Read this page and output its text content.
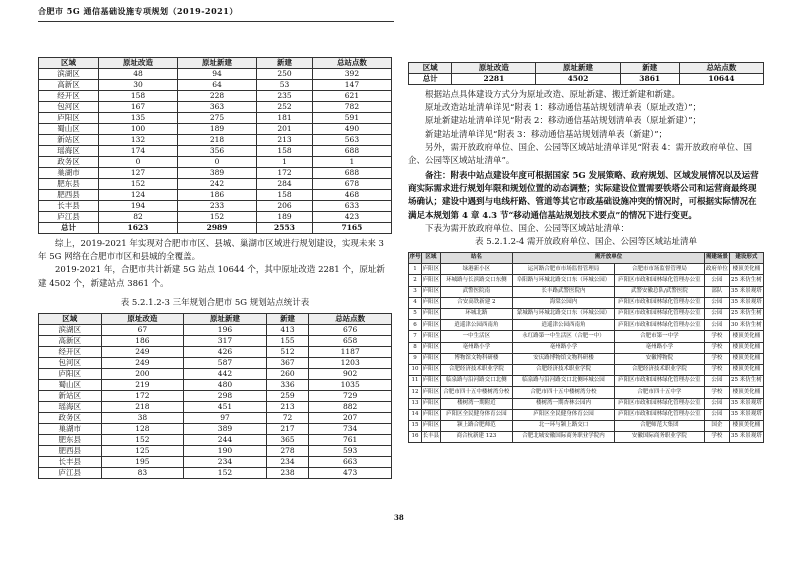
合肥市 5G 通信基础设施专项规划（2019-2021）
区域	原址改造	原址新建	新建	总站点数
滨湖区	48	94	250	392
高新区	30	64	53	147
经开区	158	228	235	621
包河区	167	363	252	782
庐阳区	135	275	181	591
蜀山区	100	189	201	490
新站区	132	218	213	563
瑶海区	174	356	158	688
政务区	0	0	1	1
巢湖市	127	389	172	688
肥东县	152	242	284	678
肥西县	124	186	158	468
长丰县	194	233	206	633
庐江县	82	152	189	423
总计	1623	2989	2553	7165

综上，2019-2021 年实现对合肥市市区、县城、巢湖市区域进行规划建设，实现未来 3 年 5G 网络在合肥市市区和县城的全覆盖。

2019-2021 年，合肥市共计新建 5G 站点 10644 个，其中原址改造 2281 个，原址新建 4502 个，新建站点 3861 个。

表 5.2.1.2-3 三年规划合肥市 5G 规划站点统计表

区域	原址改造	原址新建	新建	总站点数
滨湖区	67	196	413	676
高新区	186	317	155	658
经开区	249	426	512	1187
包河区	249	587	367	1203
庐阳区	200	442	260	902
蜀山区	219	480	336	1035
新站区	172	298	259	729
瑶海区	218	451	213	882
政务区	38	97	72	207
巢湖市	128	389	217	734
肥东县	152	244	365	761
肥西县	125	190	278	593
长丰县	195	234	234	663
庐江县	83	152	238	473
区域	原址改造	原址新建	新建	总站点数
总计	2281	4502	3861	10644

根据站点具体建设方式分为原址改造、原址新建、搬迁新建和新建。

原址改造站址清单详见“附表 1：移动通信基站规划清单表（原址改造）”；

原址新建站址清单详见“附表 2：移动通信基站规划清单表（原址新建）”；

新建站址清单详见“附表 3：移动通信基站规划清单表（新建）”；

另外，需开放政府单位、国企、公园等区域站址清单详见“附表 4：需开放政府单位、国企、公园等区域站址清单”。

备注：附表中站点建设年度可根据国家 5G 发展策略、政府规划、区域发展情况以及运营商实际需求进行规划年限和规划位置的动态调整；实际建设位置需要铁塔公司和运营商最终现场确认；建设中遇到与电线杆路、管道等其它市政基础设施冲突的情况时，可根据实际情况在满足本规划第 4 章 4.3 节“移动通信基站规划技术要点”的情况下进行变更。

下表为需开放政府单位、国企、公园等区域站址清单：

表 5.2.1.2-4 需开放政府单位、国企、公园等区域站址清单

序号	区域	站名	需开放单位		需建场景	建设形式
1	庐阳区	绿港新小区	运河路合肥市市场监督管理局	合肥市市场监督管理局	政府单位	楼顶美化桶
2	庐阳区	环城路与长滨路交口东侧	阜阳路与环城北路交口东（环城公园）	庐阳区市政和园林绿化管理办公室	公园	25 米仿生树
3	庐阳区	武警医院南	长丰路武警医院内	武警安徽总队/武警医院	部队	35 米景观塔
4	庐阳区	合安高铁新建 2	海棠公园内	庐阳区市政和园林绿化管理办公室	公园	35 米景观塔
5	庐阳区	环城北路	蒙城路与环城北路交口东（环城公园）	庐阳区市政和园林绿化管理办公室	公园	25 米仿生树
6	庐阳区	逍遥津公园西南角	逍遥津公园西南角	庐阳区市政和园林绿化管理办公室	公园	30 米仿生树
7	庐阳区	一中生活区	永红路第一中生活区（合肥一中）	合肥市第一中学	学校	楼顶美化桶
8	庐阳区	亳州路小学	亳州路小学	亳州路小学	学校	楼顶美化桶
9	庐阳区	博物馆文物科研楼	安庆路博物馆文物科研楼	安徽博物院	学校	楼顶美化桶
10	庐阳区	合肥经济技术职业学院	合肥经济技术职业学院	合肥经济技术职业学院	学校	楼顶美化桶
11	庐阳区	临泉路与沿河路交口北侧	临泉路与沿河路交口北侧环城公园	庐阳区市政和园林绿化管理办公室	公园	25 米仿生树
12	庐阳区	合肥市四十五中楼树湾分校	合肥市四十五中楼树湾分校	合肥市四十五中学	学校	楼顶美化桶
13	庐阳区	楼树湾一期附近	楼树湾一期杏林公园内	庐阳区市政和园林绿化管理办公室	公园	35 米景观塔
14	庐阳区	庐阳区全民健身体育公园	庐阳区全民健身体育公园	庐阳区市政和园林绿化管理办公室	公园	35 米景观塔
15	庐阳区	颍上路合肥师范	北一环与颍上路交口	合肥师范大集团	国企	楼顶美化桶
16	长丰县	商合杭新建 123	合肥北城安徽国际商务职业学院内	安徽国际商务职业学院	学校	35 米景观塔
38
